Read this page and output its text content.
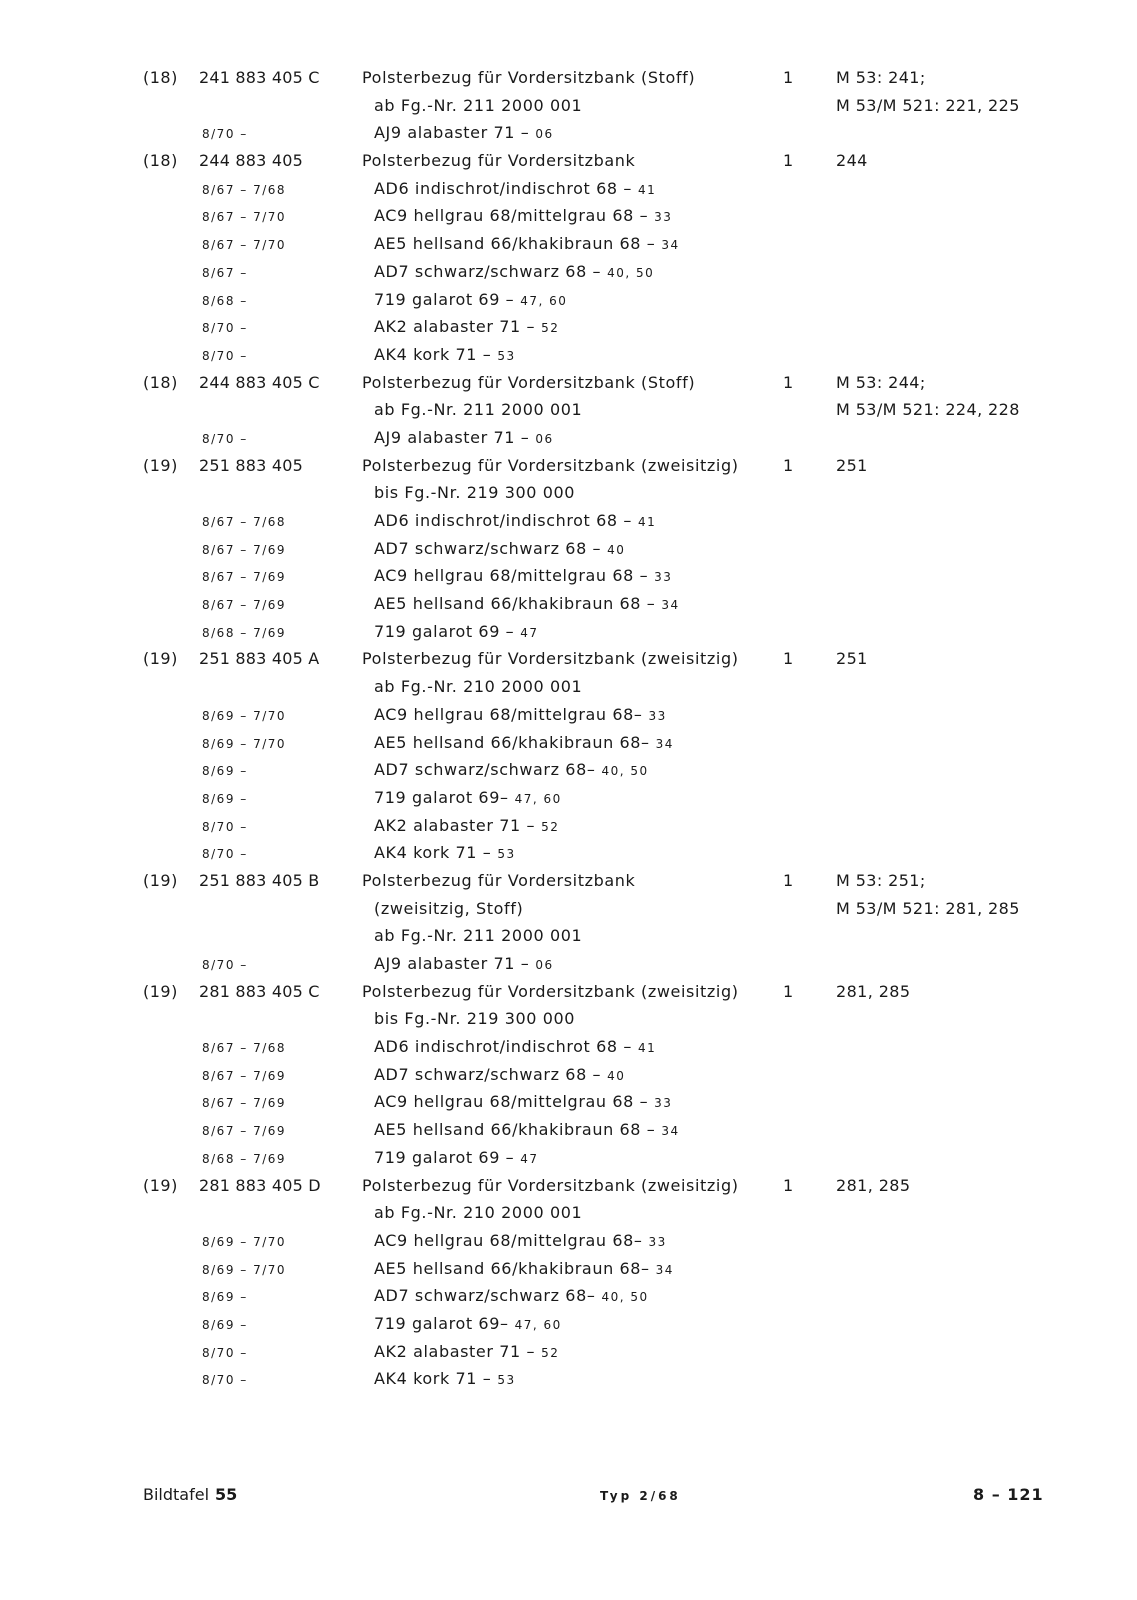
(18) 241 883 405 C	Polsterbezug für Vordersitzbank (Stoff)	1	M 53: 241;
ab Fg.-Nr. 211 2000 001	M 53/M 521: 221, 225
8/70 –	AJ9 alabaster 71 – 06
(18) 244 883 405	Polsterbezug für Vordersitzbank	1	244
8/67 – 7/68	AD6 indischrot/indischrot 68 – 41
8/67 – 7/70	AC9 hellgrau 68/mittelgrau 68 – 33
8/67 – 7/70	AE5 hellsand 66/khakibraun 68 – 34
8/67 –	AD7 schwarz/schwarz 68 – 40, 50
8/68 –	719 galarot 69 – 47, 60
8/70 –	AK2 alabaster 71 – 52
8/70 –	AK4 kork 71 – 53
(18) 244 883 405 C	Polsterbezug für Vordersitzbank (Stoff)	1	M 53: 244;
ab Fg.-Nr. 211 2000 001	M 53/M 521: 224, 228
8/70 –	AJ9 alabaster 71 – 06
(19) 251 883 405	Polsterbezug für Vordersitzbank (zweisitzig)	1	251
bis Fg.-Nr. 219 300 000
8/67 – 7/68	AD6 indischrot/indischrot 68 – 41
8/67 – 7/69	AD7 schwarz/schwarz 68 – 40
8/67 – 7/69	AC9 hellgrau 68/mittelgrau 68 – 33
8/67 – 7/69	AE5 hellsand 66/khakibraun 68 – 34
8/68 – 7/69	719 galarot 69 – 47
(19) 251 883 405 A	Polsterbezug für Vordersitzbank (zweisitzig)	1	251
ab Fg.-Nr. 210 2000 001
8/69 – 7/70	AC9 hellgrau 68/mittelgrau 68– 33
8/69 – 7/70	AE5 hellsand 66/khakibraun 68– 34
8/69 –	AD7 schwarz/schwarz 68– 40, 50
8/69 –	719 galarot 69– 47, 60
8/70 –	AK2 alabaster 71 – 52
8/70 –	AK4 kork 71 – 53
(19) 251 883 405 B	Polsterbezug für Vordersitzbank	1	M 53: 251;
(zweisitzig, Stoff)	M 53/M 521: 281, 285
ab Fg.-Nr. 211 2000 001
8/70 –	AJ9 alabaster 71 – 06
(19) 281 883 405 C	Polsterbezug für Vordersitzbank (zweisitzig)	1	281, 285
bis Fg.-Nr. 219 300 000
8/67 – 7/68	AD6 indischrot/indischrot 68 – 41
8/67 – 7/69	AD7 schwarz/schwarz 68 – 40
8/67 – 7/69	AC9 hellgrau 68/mittelgrau 68 – 33
8/67 – 7/69	AE5 hellsand 66/khakibraun 68 – 34
8/68 – 7/69	719 galarot 69 – 47
(19) 281 883 405 D	Polsterbezug für Vordersitzbank (zweisitzig)	1	281, 285
ab Fg.-Nr. 210 2000 001
8/69 – 7/70	AC9 hellgrau 68/mittelgrau 68– 33
8/69 – 7/70	AE5 hellsand 66/khakibraun 68– 34
8/69 –	AD7 schwarz/schwarz 68– 40, 50
8/69 –	719 galarot 69– 47, 60
8/70 –	AK2 alabaster 71 – 52
8/70 –	AK4 kork 71 – 53
Bildtafel 55	Typ 2/68	8 – 121
